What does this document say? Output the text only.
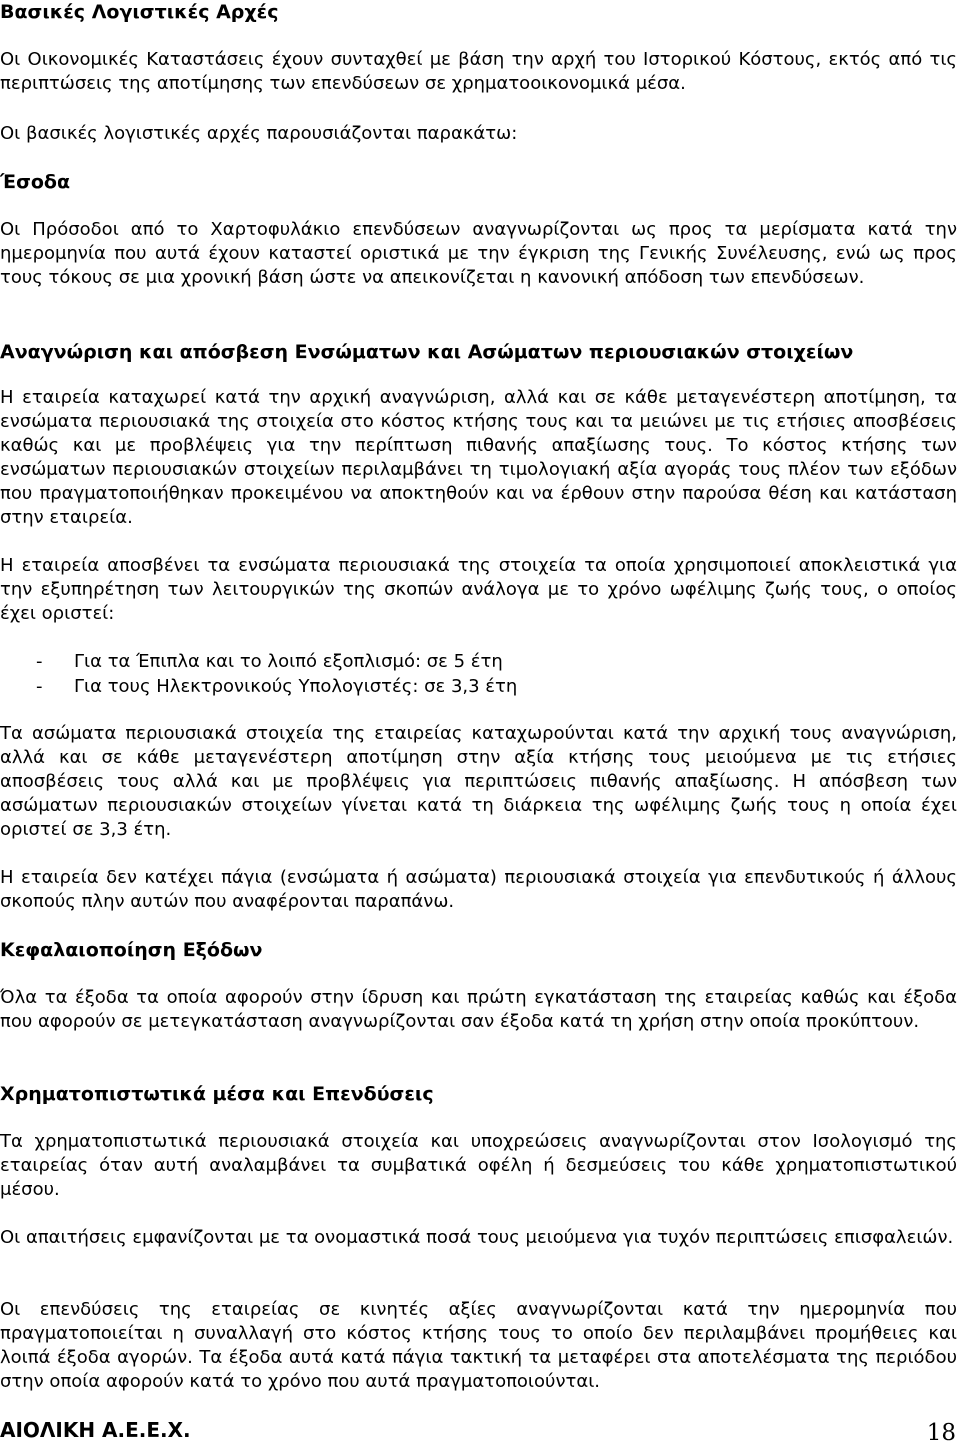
Βασικές Λογιστικές Αρχές

Οι Οικονομικές Καταστάσεις έχουν συνταχθεί με βάση την αρχή του Ιστορικού Κόστους, εκτός από τις περιπτώσεις της αποτίμησης των επενδύσεων σε χρηματοοικονομικά μέσα.

Οι βασικές λογιστικές αρχές παρουσιάζονται παρακάτω:

Έσοδα

Οι Πρόσοδοι από το Χαρτοφυλάκιο επενδύσεων αναγνωρίζονται ως προς τα μερίσματα κατά την ημερομηνία που αυτά έχουν καταστεί οριστικά με την έγκριση της Γενικής Συνέλευσης, ενώ ως προς τους τόκους σε μια χρονική βάση ώστε να απεικονίζεται η κανονική απόδοση των επενδύσεων.

Αναγνώριση και απόσβεση Ενσώματων και Ασώματων περιουσιακών στοιχείων

Η εταιρεία καταχωρεί κατά την αρχική αναγνώριση, αλλά και σε κάθε μεταγενέστερη αποτίμηση, τα ενσώματα περιουσιακά της στοιχεία στο κόστος κτήσης τους και τα μειώνει με τις ετήσιες αποσβέσεις καθώς και με προβλέψεις για την περίπτωση πιθανής απαξίωσης τους. Το κόστος κτήσης των ενσώματων περιουσιακών στοιχείων περιλαμβάνει τη τιμολογιακή αξία αγοράς τους πλέον των εξόδων που πραγματοποιήθηκαν προκειμένου να αποκτηθούν και να έρθουν στην παρούσα θέση και κατάσταση στην εταιρεία.

Η εταιρεία αποσβένει τα ενσώματα περιουσιακά της στοιχεία τα οποία χρησιμοποιεί αποκλειστικά για την εξυπηρέτηση των λειτουργικών της σκοπών ανάλογα με το χρόνο ωφέλιμης ζωής τους, ο οποίος έχει οριστεί:

- Για τα Έπιπλα και το λοιπό εξοπλισμό: σε 5 έτη
- Για τους Ηλεκτρονικούς Υπολογιστές: σε 3,3 έτη

Τα ασώματα περιουσιακά στοιχεία της εταιρείας καταχωρούνται κατά την αρχική τους αναγνώριση, αλλά και σε κάθε μεταγενέστερη αποτίμηση στην αξία κτήσης τους μειούμενα με τις ετήσιες αποσβέσεις τους αλλά και με προβλέψεις για περιπτώσεις πιθανής απαξίωσης. Η απόσβεση των ασώματων περιουσιακών στοιχείων γίνεται κατά τη διάρκεια της ωφέλιμης ζωής τους η οποία έχει οριστεί σε 3,3 έτη.

Η εταιρεία δεν κατέχει πάγια (ενσώματα ή ασώματα) περιουσιακά στοιχεία για επενδυτικούς ή άλλους σκοπούς πλην αυτών που αναφέρονται παραπάνω.

Κεφαλαιοποίηση Εξόδων

Όλα τα έξοδα τα οποία αφορούν στην ίδρυση και πρώτη εγκατάσταση της εταιρείας καθώς και έξοδα που αφορούν σε μετεγκατάσταση αναγνωρίζονται σαν έξοδα κατά τη χρήση στην οποία προκύπτουν.

Χρηματοπιστωτικά μέσα και Επενδύσεις

Τα χρηματοπιστωτικά περιουσιακά στοιχεία και υποχρεώσεις αναγνωρίζονται στον Ισολογισμό της εταιρείας όταν αυτή αναλαμβάνει τα συμβατικά οφέλη ή δεσμεύσεις του κάθε χρηματοπιστωτικού μέσου.

Οι απαιτήσεις εμφανίζονται με τα ονομαστικά ποσά τους μειούμενα για τυχόν περιπτώσεις επισφαλειών.

Οι επενδύσεις της εταιρείας σε κινητές αξίες αναγνωρίζονται κατά την ημερομηνία που πραγματοποιείται η συναλλαγή στο κόστος κτήσης τους το οποίο δεν περιλαμβάνει προμήθειες και λοιπά έξοδα αγορών. Τα έξοδα αυτά κατά πάγια τακτική τα μεταφέρει στα αποτελέσματα της περιόδου στην οποία αφορούν κατά το χρόνο που αυτά πραγματοποιούνται.

ΑΙΟΛΙΚΗ Α.Ε.Ε.Χ.	18
